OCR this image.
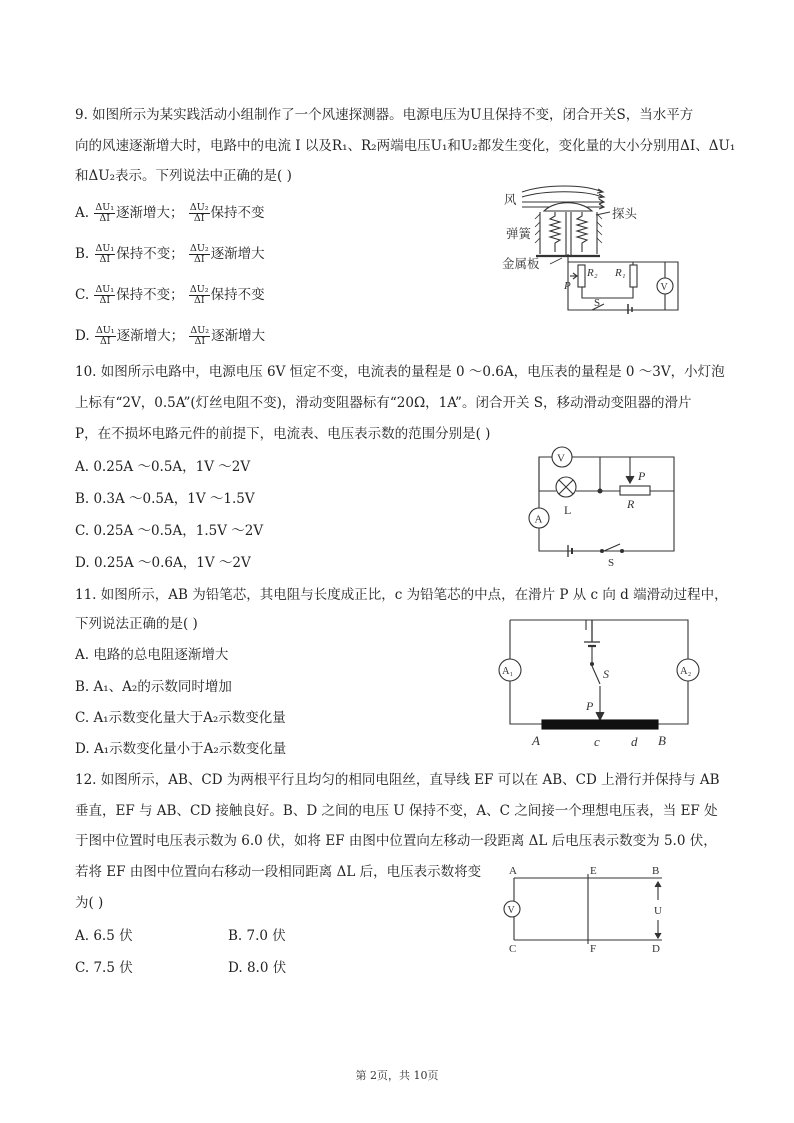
9. 如图所示为某实践活动小组制作了一个风速探测器。电源电压为U且保持不变，闭合开关S，当水平方
向的风速逐渐增大时，电路中的电流 I 以及R₁、R₂两端电压U₁和U₂都发生变化，变化量的大小分别用ΔI、ΔU₁
和ΔU₂表示。下列说法中正确的是( )
A. $\frac{\text{ΔU₁}}{\Delta I}$ 逐渐增大； $\frac{\text{ΔU₂}}{\Delta I}$ 保持不变
B. $\frac{\text{ΔU₁}}{\Delta I}$ 保持不变； $\frac{\text{ΔU₂}}{\Delta I}$ 逐渐增大
C. $\frac{\text{ΔU₁}}{\Delta I}$ 保持不变； $\frac{\text{ΔU₂}}{\Delta I}$ 保持不变
D. $\frac{\text{ΔU₁}}{\Delta I}$ 逐渐增大； $\frac{\text{ΔU₂}}{\Delta I}$ 逐渐增大
风
探头
弹簧
金属板
R₂
P
R₁
V
S
10. 如图所示电路中，电源电压 6V 恒定不变，电流表的量程是 0 ～0.6A，电压表的量程是 0 ～3V，小灯泡
上标有“2V，0.5A”(灯丝电阻不变)，滑动变阻器标有“20Ω，1A”。闭合开关 S，移动滑动变阻器的滑片
P，在不损坏电路元件的前提下，电流表、电压表示数的范围分别是( )
A. 0.25A ～0.5A，1V ～2V
B. 0.3A ～0.5A，1V ～1.5V
C. 0.25A ～0.5A，1.5V ～2V
D. 0.25A ～0.6A，1V ～2V
V
L	R
P
A
S
11. 如图所示，AB 为铅笔芯，其电阻与长度成正比，c 为铅笔芯的中点，在滑片 P 从 c 向 d 端滑动过程中，
下列说法正确的是( )
A. 电路的总电阻逐渐增大
B. A₁、A₂的示数同时增加
C. A₁示数变化量大于A₂示数变化量
D. A₁示数变化量小于A₂示数变化量
A₁	A₂
S
P
A	c d B
12. 如图所示，AB、CD 为两根平行且均匀的相同电阻丝，直导线 EF 可以在 AB、CD 上滑行并保持与 AB
垂直，EF 与 AB、CD 接触良好。B、D 之间的电压 U 保持不变，A、C 之间接一个理想电压表，当 EF 处
于图中位置时电压表示数为 6.0 伏，如将 EF 由图中位置向左移动一段距离 ΔL 后电压表示数变为 5.0 伏，
若将 EF 由图中位置向右移动一段相同距离 ΔL 后，电压表示数将变
为( )
A. 6.5 伏	B. 7.0 伏
C. 7.5 伏	D. 8.0 伏
V
A	E	B
C	F	D
U
第 2页，共 10页
